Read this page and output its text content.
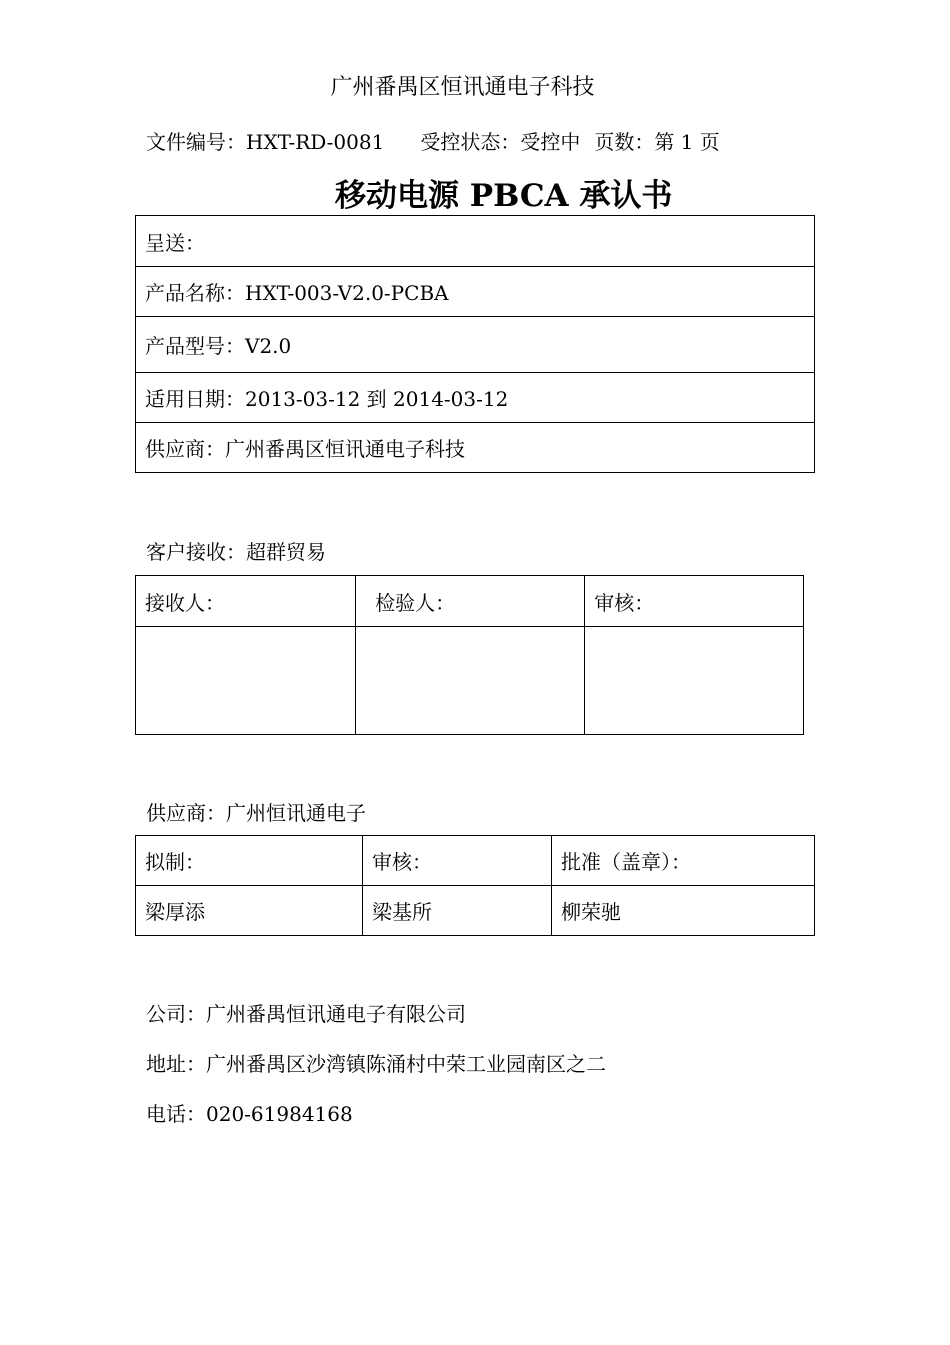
广州番禺区恒讯通电子科技
文件编号：HXT-RD-0081 受控状态：受控中 页数：第 1 页
移动电源 PBCA 承认书
呈送：
产品名称：HXT-003-V2.0-PCBA
产品型号：V2.0
适用日期：2013-03-12 到 2014-03-12
供应商：广州番禺区恒讯通电子科技
客户接收：超群贸易
接收人：	检验人：	审核：

供应商：广州恒讯通电子
拟制：	审核：	批准（盖章）：
梁厚添	梁基所	柳荣驰
公司：广州番禺恒讯通电子有限公司
地址：广州番禺区沙湾镇陈涌村中荣工业园南区之二
电话：020-61984168
